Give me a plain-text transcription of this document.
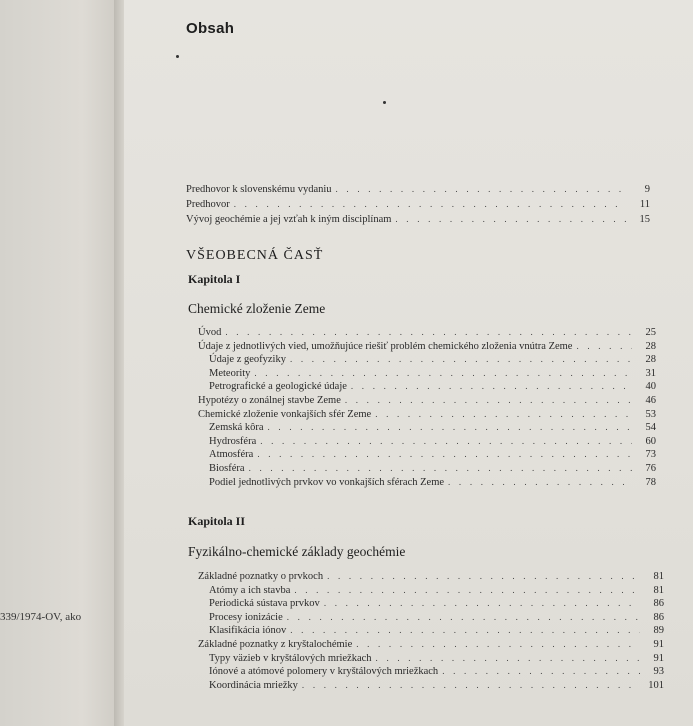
339/1974-OV, ako
Obsah
Predhovor k slovenskému vydaniu . . .	9
Predhovor . . .	11
Vývoj geochémie a jej vzťah k iným disciplínam . . .	15
VŠEOBECNÁ ČASŤ
Kapitola I
Chemické zloženie Zeme
Úvod . . .	25
Údaje z jednotlivých vied, umožňujúce riešiť problém chemického zloženia vnútra Zeme . . .	28
Údaje z geofyziky . . .	28
Meteority . . .	31
Petrografické a geologické údaje . . .	40
Hypotézy o zonálnej stavbe Zeme . . .	46
Chemické zloženie vonkajších sfér Zeme . . .	53
Zemská kôra . . .	54
Hydrosféra . . .	60
Atmosféra . . .	73
Biosféra . . .	76
Podiel jednotlivých prvkov vo vonkajších sférach Zeme . . .	78
Kapitola II
Fyzikálno-chemické základy geochémie
Základné poznatky o prvkoch . . .	81
Atómy a ich stavba . . .	81
Periodická sústava prvkov . . .	86
Procesy ionizácie . . .	86
Klasifikácia iónov . . .	89
Základné poznatky z kryštalochémie . . .	91
Typy väzieb v kryštálových mriežkach . . .	91
Iónové a atómové polomery v kryštálových mriežkach . . .	93
Koordinácia mriežky . . .	101
